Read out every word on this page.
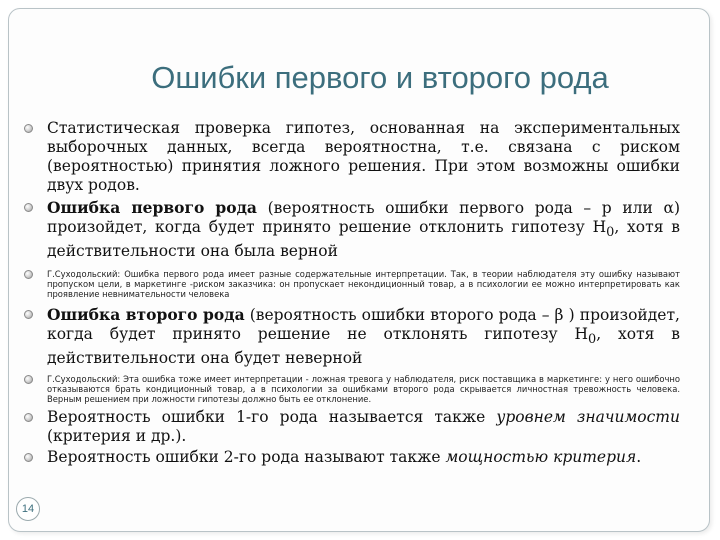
Ошибки первого и второго рода
Статистическая проверка гипотез, основанная на экспериментальных выборочных данных, всегда вероятностна, т.е. связана с риском (вероятностью) принятия ложного решения. При этом возможны ошибки двух родов.
Ошибка первого рода (вероятность ошибки первого рода – p или α) произойдет, когда будет принято решение отклонить гипотезу $H_0$, хотя в действительности она была верной
Г.Суходольский: Ошибка первого рода имеет разные содержательные интерпретации. Так, в теории наблюдателя эту ошибку называют пропуском цели, в маркетинге -риском заказчика: он пропускает некондиционный товар, а в психологии ее можно интерпретировать как проявление невнимательности человека
Ошибка второго рода (вероятность ошибки второго рода – β ) произойдет, когда будет принято решение не отклонять гипотезу $H_0$, хотя в действительности она будет неверной
Г.Суходольский: Эта ошибка тоже имеет интерпретации - ложная тревога у наблюдателя, риск поставщика в маркетинге: у него ошибочно отказываются брать кондиционный товар, а в психологии за ошибками второго рода скрывается личностная тревожность человека. Верным решением при ложности гипотезы должно быть ее отклонение.
Вероятность ошибки 1-го рода называется также уровнем значимости (критерия и др.).
Вероятность ошибки 2-го рода называют также мощностью критерия.
14
